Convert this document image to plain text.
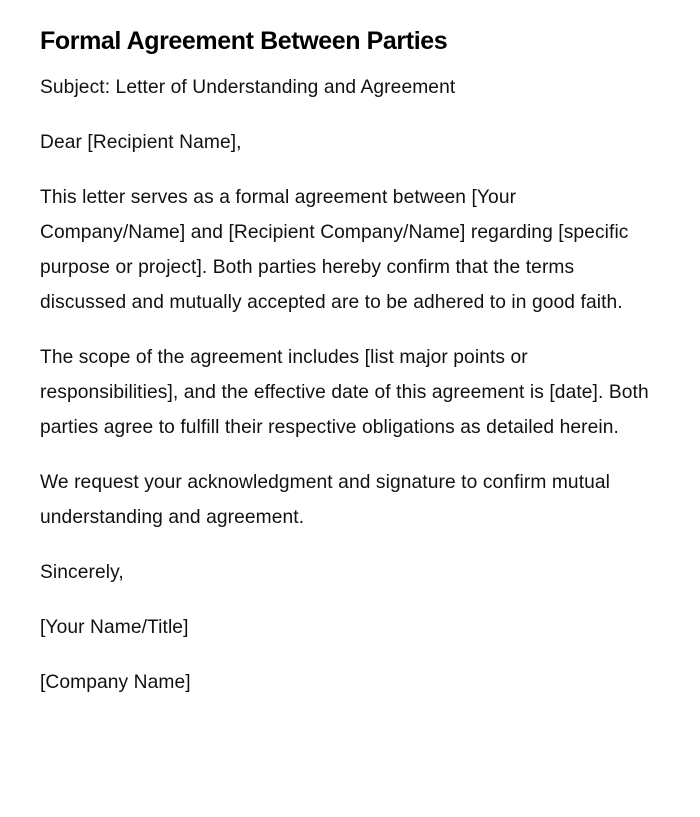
Formal Agreement Between Parties

Subject: Letter of Understanding and Agreement

Dear [Recipient Name],

This letter serves as a formal agreement between [Your Company/Name] and [Recipient Company/Name] regarding [specific purpose or project]. Both parties hereby confirm that the terms discussed and mutually accepted are to be adhered to in good faith.

The scope of the agreement includes [list major points or responsibilities], and the effective date of this agreement is [date]. Both parties agree to fulfill their respective obligations as detailed herein.

We request your acknowledgment and signature to confirm mutual understanding and agreement.

Sincerely,

[Your Name/Title]

[Company Name]
